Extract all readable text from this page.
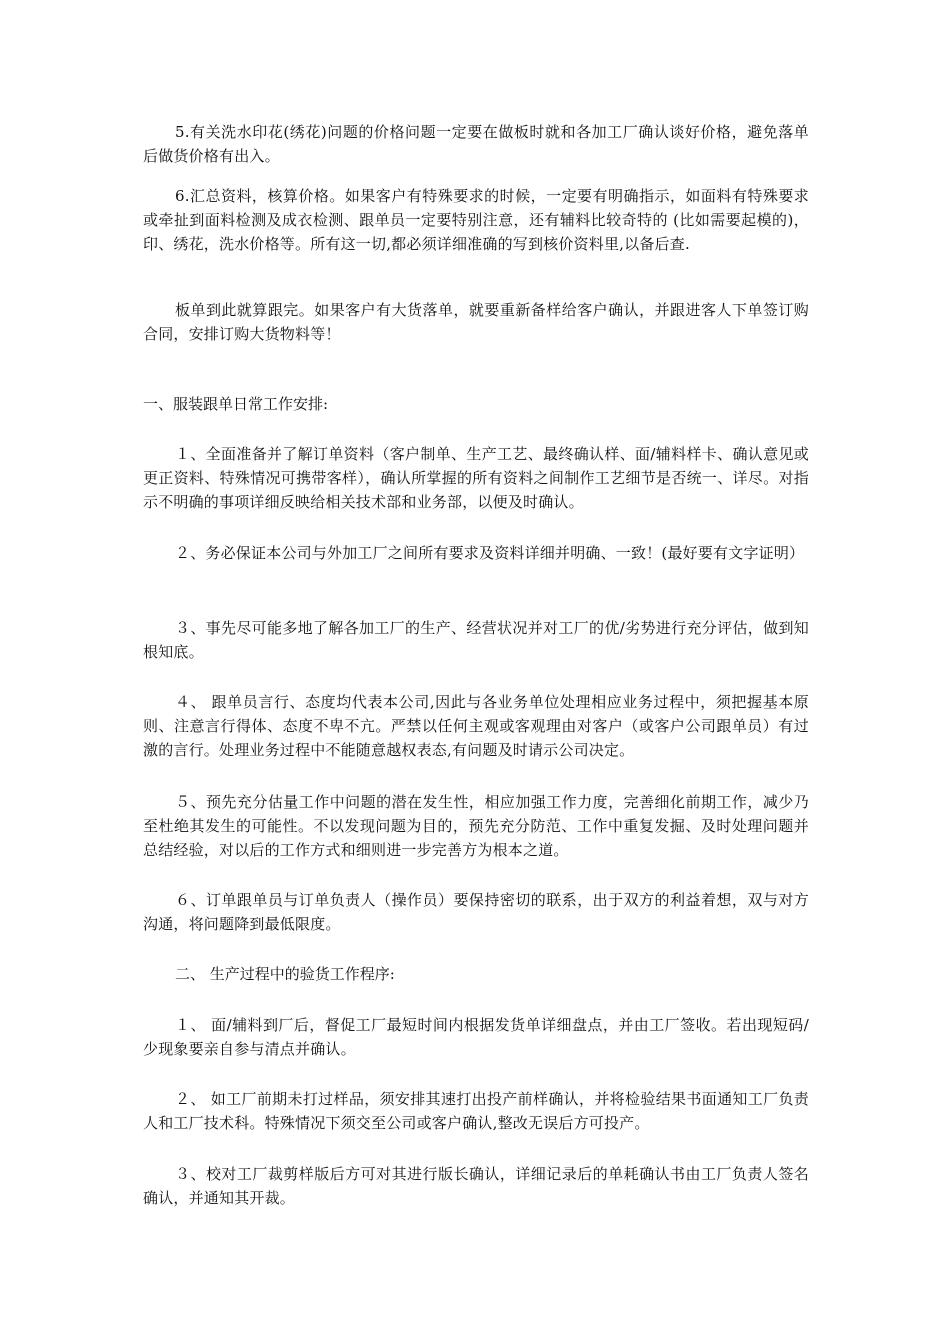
5.有关洗水印花(绣花)问题的价格问题一定要在做板时就和各加工厂确认谈好价格，避免落单后做货价格有出入。

6.汇总资料，核算价格。如果客户有特殊要求的时候，一定要有明确指示，如面料有特殊要求或牵扯到面料检测及成衣检测、跟单员一定要特别注意，还有辅料比较奇特的 (比如需要起模的)，印、绣花，洗水价格等。所有这一切,都必须详细准确的写到核价资料里,以备后查.

板单到此就算跟完。如果客户有大货落单，就要重新备样给客户确认，并跟进客人下单签订购合同，安排订购大货物料等！

一、服装跟单日常工作安排:

１、全面准备并了解订单资料（客户制单、生产工艺、最终确认样、面/辅料样卡、确认意见或更正资料、特殊情况可携带客样），确认所掌握的所有资料之间制作工艺细节是否统一、详尽。对指示不明确的事项详细反映给相关技术部和业务部，以便及时确认。

２、务必保证本公司与外加工厂之间所有要求及资料详细并明确、一致！(最好要有文字证明）

３、事先尽可能多地了解各加工厂的生产、经营状况并对工厂的优/劣势进行充分评估，做到知根知底。

４、 跟单员言行、态度均代表本公司,因此与各业务单位处理相应业务过程中，须把握基本原则、注意言行得体、态度不卑不亢。严禁以任何主观或客观理由对客户（或客户公司跟单员）有过激的言行。处理业务过程中不能随意越权表态,有问题及时请示公司决定。

５、预先充分估量工作中问题的潜在发生性，相应加强工作力度，完善细化前期工作，减少乃至杜绝其发生的可能性。不以发现问题为目的，预先充分防范、工作中重复发掘、及时处理问题并总结经验，对以后的工作方式和细则进一步完善方为根本之道。

６、订单跟单员与订单负责人（操作员）要保持密切的联系，出于双方的利益着想，双与对方沟通，将问题降到最低限度。

二、 生产过程中的验货工作程序:

１、 面/辅料到厂后，督促工厂最短时间内根据发货单详细盘点，并由工厂签收。若出现短码/少现象要亲自参与清点并确认。

２、 如工厂前期未打过样品，须安排其速打出投产前样确认，并将检验结果书面通知工厂负责人和工厂技术科。特殊情况下须交至公司或客户确认,整改无误后方可投产。

３、校对工厂裁剪样版后方可对其进行版长确认，详细记录后的单耗确认书由工厂负责人签名确认，并通知其开裁。
